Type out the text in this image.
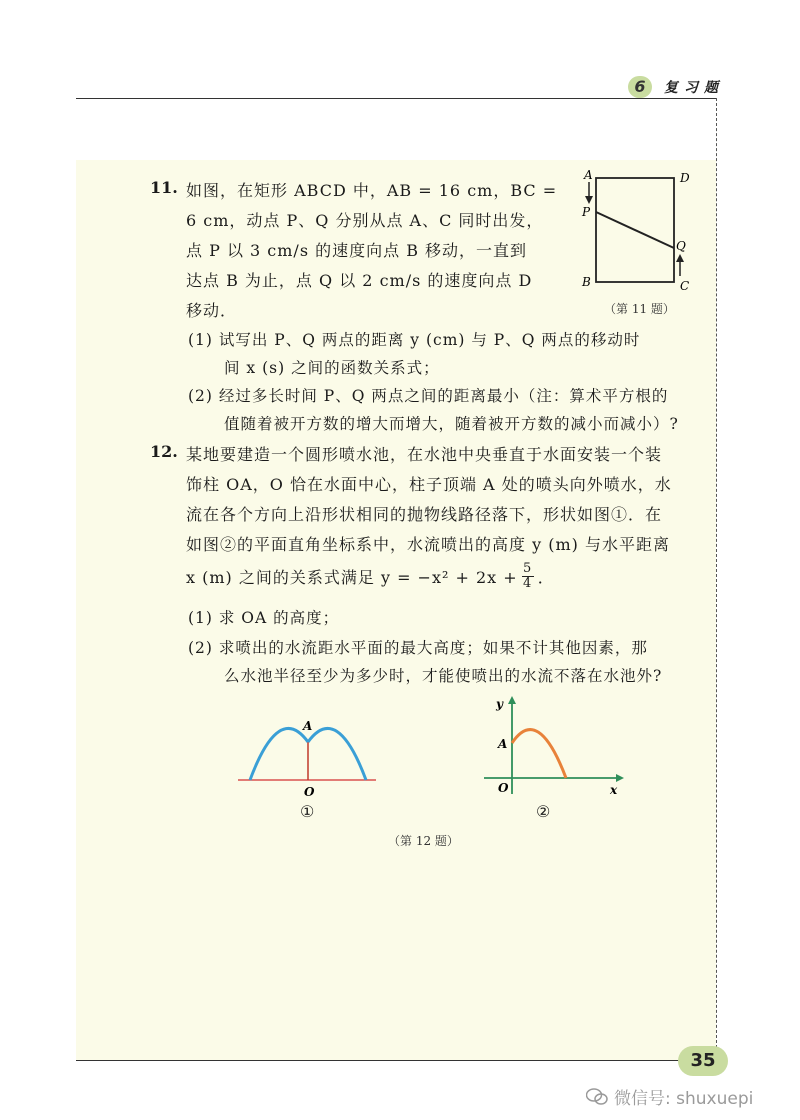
6	复习题
11. 如图，在矩形 ABCD 中，AB = 16 cm，BC =
6 cm，动点 P、Q 分别从点 A、C 同时出发，
点 P 以 3 cm/s 的速度向点 B 移动，一直到
达点 B 为止，点 Q 以 2 cm/s 的速度向点 D
移动．
A	D
P
Q
B	C
（第 11 题）
(1) 试写出 P、Q 两点的距离 y (cm) 与 P、Q 两点的移动时
间 x (s) 之间的函数关系式；
(2) 经过多长时间 P、Q 两点之间的距离最小（注：算术平方根的
值随着被开方数的增大而增大，随着被开方数的减小而减小）?
12. 某地要建造一个圆形喷水池，在水池中央垂直于水面安装一个装
饰柱 OA，O 恰在水面中心，柱子顶端 A 处的喷头向外喷水，水
流在各个方向上沿形状相同的抛物线路径落下，形状如图①．在
如图②的平面直角坐标系中，水流喷出的高度 y (m) 与水平距离
x (m) 之间的关系式满足 y = −x² + 2x + 5
4 ．
(1) 求 OA 的高度；
(2) 求喷出的水流距水平面的最大高度；如果不计其他因素，那
么水池半径至少为多少时，才能使喷出的水流不落在水池外?
A
O
①
y
A
O	x
②
（第 12 题）
35
微信号: shuxuepi
